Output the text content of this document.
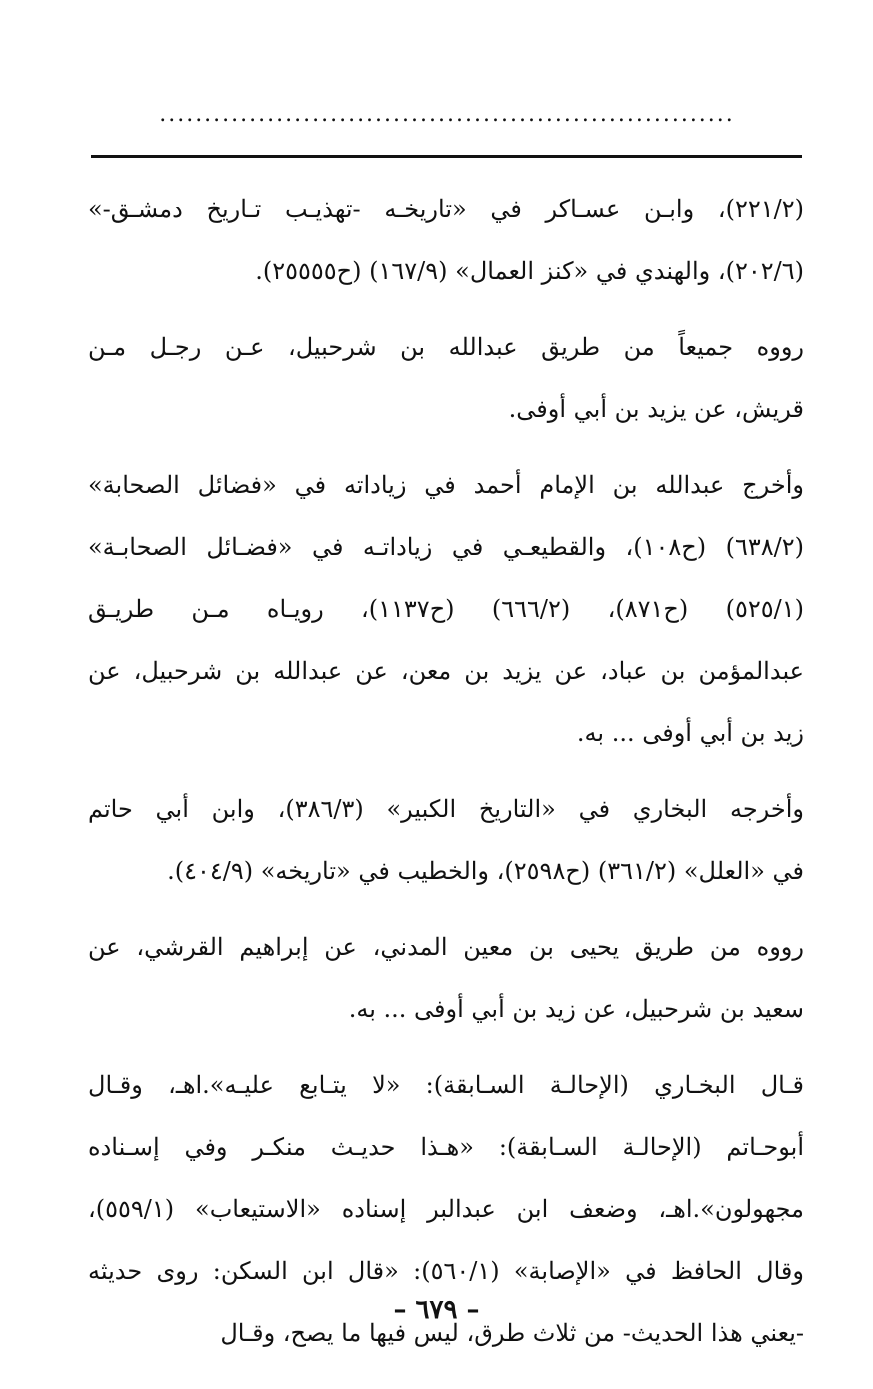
................................................................
(٢٢١/٢)، وابـن عسـاكر في «تاريخـه -تهذيـب تـاريخ دمشـق-»
(٢٠٢/٦)، والهندي في «كنز العمال» (١٦٧/٩) (ح٢٥٥٥٥).
رووه جميعاً من طريق عبدالله بن شرحبيل، عـن رجـل مـن
قريش، عن يزيد بن أبي أوفى.
وأخرج عبدالله بن الإمام أحمد في زياداته في «فضائل الصحابة»
(٦٣٨/٢) (ح١٠٨)، والقطيعـي في زياداتـه في «فضـائل الصحابـة»
(٥٢٥/١) (ح٨٧١)، (٦٦٦/٢) (ح١١٣٧)، رويـاه مـن طريـق
عبدالمؤمن بن عباد، عن يزيد بن معن، عن عبدالله بن شرحبيل، عن
زيد بن أبي أوفى ... به.
وأخرجه البخاري في «التاريخ الكبير» (٣٨٦/٣)، وابن أبي حاتم
في «العلل» (٣٦١/٢) (ح٢٥٩٨)، والخطيب في «تاريخه» (٤٠٤/٩).
رووه من طريق يحيى بن معين المدني، عن إبراهيم القرشي، عن
سعيد بن شرحبيل، عن زيد بن أبي أوفى ... به.
قـال البخـاري (الإحالـة السـابقة): «لا يتـابع عليـه».اهـ، وقـال
أبوحـاتم (الإحالـة السـابقة): «هـذا حديـث منكـر وفي إسـناده
مجهولون».اهـ، وضعف ابن عبدالبر إسناده «الاستيعاب» (٥٥٩/١)،
وقال الحافظ في «الإصابة» (٥٦٠/١): «قال ابن السكن: روى حديثه
-يعني هذا الحديث- من ثلاث طرق، ليس فيها ما يصح، وقـال
– ٦٧٩ –
